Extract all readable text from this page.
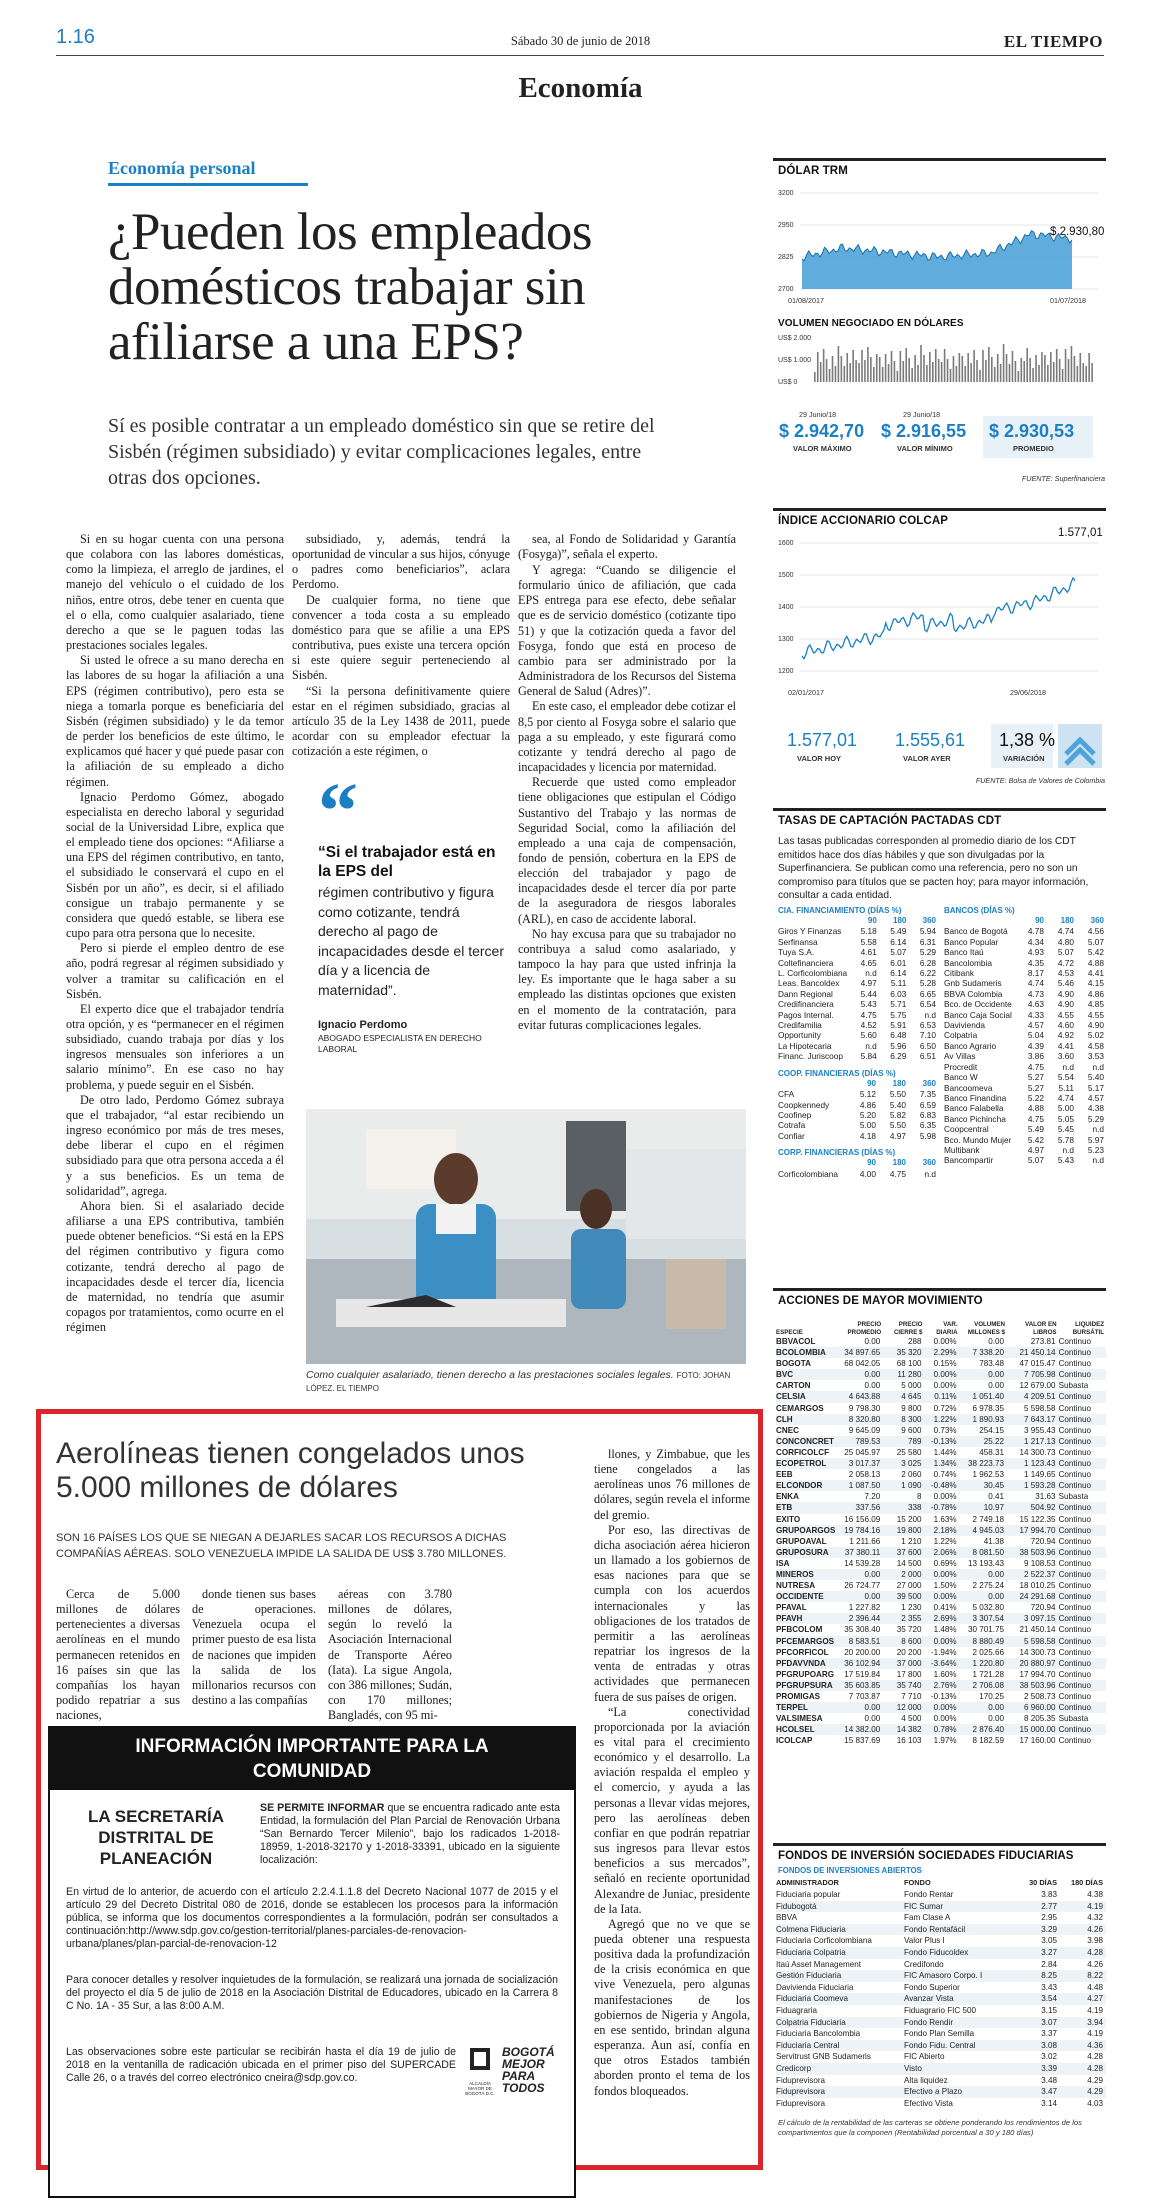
1.16	Sábado 30 de junio de 2018	EL TIEMPO
Economía
Economía personal
¿Pueden los empleados domésticos trabajar sin afiliarse a una EPS?
Sí es posible contratar a un empleado doméstico sin que se retire del Sisbén (régimen subsidiado) y evitar complicaciones legales, entre otras dos opciones.

Si en su hogar cuenta con una persona que colabora con las labores domésticas, como la limpieza, el arreglo de jardines, el manejo del vehículo o el cuidado de los niños, entre otros, debe tener en cuenta que el o ella, como cualquier asalariado, tiene derecho a que se le paguen todas las prestaciones sociales legales.

Si usted le ofrece a su mano derecha en las labores de su hogar la afiliación a una EPS (régimen contributivo), pero esta se niega a tomarla porque es beneficiaria del Sisbén (régimen subsidiado) y le da temor de perder los beneficios de este último, le explicamos qué hacer y qué puede pasar con la afiliación de su empleado a dicho régimen.

Ignacio Perdomo Gómez, abogado especialista en derecho laboral y seguridad social de la Universidad Libre, explica que el empleado tiene dos opciones: “Afiliarse a una EPS del régimen contributivo, en tanto, el subsidiado le conservará el cupo en el Sisbén por un año”, es decir, si el afiliado consigue un trabajo permanente y se considera que quedó estable, se libera ese cupo para otra persona que lo necesite.

Pero si pierde el empleo dentro de ese año, podrá regresar al régimen subsidiado y volver a tramitar su calificación en el Sisbén.

El experto dice que el trabajador tendría otra opción, y es “permanecer en el régimen subsidiado, cuando trabaja por días y los ingresos mensuales son inferiores a un salario mínimo”. En ese caso no hay problema, y puede seguir en el Sisbén.

De otro lado, Perdomo Gómez subraya que el trabajador, “al estar recibiendo un ingreso económico por más de tres meses, debe liberar el cupo en el régimen subsidiado para que otra persona acceda a él y a sus beneficios. Es un tema de solidaridad”, agrega.

Ahora bien. Si el asalariado decide afiliarse a una EPS contributiva, también puede obtener beneficios. “Si está en la EPS del régimen contributivo y figura como cotizante, tendrá derecho al pago de incapacidades desde el tercer día, licencia de maternidad, no tendría que asumir copagos por tratamientos, como ocurre en el régimen

subsidiado, y, además, tendrá la oportunidad de vincular a sus hijos, cónyuge o padres como beneficiarios”, aclara Perdomo.

De cualquier forma, no tiene que convencer a toda costa a su empleado doméstico para que se afilie a una EPS contributiva, pues existe una tercera opción si este quiere seguir perteneciendo al Sisbén.

“Si la persona definitivamente quiere estar en el régimen subsidiado, gracias al artículo 35 de la Ley 1438 de 2011, puede acordar con su empleador efectuar la cotización a este régimen, o

sea, al Fondo de Solidaridad y Garantía (Fosyga)”, señala el experto.

Y agrega: “Cuando se diligencie el formulario único de afiliación, que cada EPS entrega para ese efecto, debe señalar que es de servicio doméstico (cotizante tipo 51) y que la cotización queda a favor del Fosyga, fondo que está en proceso de cambio para ser administrado por la Administradora de los Recursos del Sistema General de Salud (Adres)”.

En este caso, el empleador debe cotizar el 8,5 por ciento al Fosyga sobre el salario que paga a su empleado, y este figurará como cotizante y tendrá derecho al pago de incapacidades y licencia por maternidad.

Recuerde que usted como empleador tiene obligaciones que estipulan el Código Sustantivo del Trabajo y las normas de Seguridad Social, como la afiliación del empleado a una caja de compensación, fondo de pensión, cobertura en la EPS de elección del trabajador y pago de incapacidades desde el tercer día por parte de la aseguradora de riesgos laborales (ARL), en caso de accidente laboral.

No hay excusa para que su trabajador no contribuya a salud como asalariado, y tampoco la hay para que usted infrinja la ley. Es importante que le haga saber a su empleado las distintas opciones que existen en el momento de la contratación, para evitar futuras complicaciones legales.

“
“Si el trabajador está en la EPS del
régimen contributivo y figura como cotizante, tendrá derecho al pago de incapacidades desde el tercer día y a licencia de maternidad”.
Ignacio Perdomo
ABOGADO ESPECIALISTA EN DERECHO LABORAL
Como cualquier asalariado, tienen derecho a las prestaciones sociales legales. FOTO: JOHAN LÓPEZ. EL TIEMPO
Aerolíneas tienen congelados unos 5.000 millones de dólares
SON 16 PAÍSES LOS QUE SE NIEGAN A DEJARLES SACAR LOS RECURSOS A DICHAS COMPAÑÍAS AÉREAS. SOLO VENEZUELA IMPIDE LA SALIDA DE US$ 3.780 MILLONES.
Cerca de 5.000 millones de dólares pertenecientes a diversas aerolíneas en el mundo permanecen retenidos en 16 países sin que las compañías los hayan podido repatriar a sus naciones,
donde tienen sus bases de operaciones. Venezuela ocupa el primer puesto de esa lista de naciones que impiden la salida de los millonarios recursos con destino a las compañías
aéreas con 3.780 millones de dólares, según lo reveló la Asociación Internacional de Transporte Aéreo (Iata). La sigue Angola, con 386 millones; Sudán, con 170 millones; Bangladés, con 95 mi-

llones, y Zimbabue, que les tiene congelados a las aerolíneas unos 76 millones de dólares, según revela el informe del gremio.

Por eso, las directivas de dicha asociación aérea hicieron un llamado a los gobiernos de esas naciones para que se cumpla con los acuerdos internacionales y las obligaciones de los tratados de permitir a las aerolíneas repatriar los ingresos de la venta de entradas y otras actividades que permanecen fuera de sus países de origen.

“La conectividad proporcionada por la aviación es vital para el crecimiento económico y el desarrollo. La aviación respalda el empleo y el comercio, y ayuda a las personas a llevar vidas mejores, pero las aerolíneas deben confiar en que podrán repatriar sus ingresos para llevar estos beneficios a sus mercados”, señaló en reciente oportunidad Alexandre de Juniac, presidente de la Iata.

Agregó que no ve que se pueda obtener una respuesta positiva dada la profundización de la crisis económica en que vive Venezuela, pero algunas manifestaciones de los gobiernos de Nigeria y Angola, en ese sentido, brindan alguna esperanza. Aun así, confía en que otros Estados también aborden pronto el tema de los fondos bloqueados.

INFORMACIÓN IMPORTANTE PARA LA COMUNIDAD
LA SECRETARÍA DISTRITAL DE PLANEACIÓN
SE PERMITE INFORMAR que se encuentra radicado ante esta Entidad, la formulación del Plan Parcial de Renovación Urbana “San Bernardo Tercer Milenio”, bajo los radicados 1-2018-18959, 1-2018-32170 y 1-2018-33391, ubicado en la siguiente localización:
En virtud de lo anterior, de acuerdo con el artículo 2.2.4.1.1.8 del Decreto Nacional 1077 de 2015 y el artículo 29 del Decreto Distrital 080 de 2016, donde se establecen los procesos para la información pública, se informa que los documentos correspondientes a la formulación, podrán ser consultados a continuación:http://www.sdp.gov.co/gestion-territorial/planes-parciales-de-renovacion-urbana/planes/plan-parcial-de-renovacion-12
Para conocer detalles y resolver inquietudes de la formulación, se realizará una jornada de socialización del proyecto el día 5 de julio de 2018 en la Asociación Distrital de Educadores, ubicado en la Carrera 8 C No. 1A - 35 Sur, a las 8:00 A.M.
Las observaciones sobre este particular se recibirán hasta el día 19 de julio de 2018 en la ventanilla de radicación ubicada en el primer piso del SUPERCADE Calle 26, o a través del correo electrónico cneira@sdp.gov.co.	ALCALDÍA MAYOR DE BOGOTÁ D.C.
BOGOTÁ MEJOR PARA TODOS
DÓLAR TRM
3200
2950
2825
2700
$ 2.930,80
01/08/2017	01/07/2018
VOLUMEN NEGOCIADO EN DÓLARES
US$ 2.000
US$ 1.000
US$ 0
29 Junio/18
$ 2.942,70
VALOR MÁXIMO
29 Junio/18
$ 2.916,55
VALOR MÍNIMO
$ 2.930,53
PROMEDIO
FUENTE: Superfinanciera
ÍNDICE ACCIONARIO COLCAP
1.577,01
1600
1500
1400
1300
1200
02/01/2017	29/06/2018
1.577,01
VALOR HOY
1.555,61
VALOR AYER
1,38 %
VARIACIÓN
FUENTE: Bolsa de Valores de Colombia
TASAS DE CAPTACIÓN PACTADAS CDT
Las tasas publicadas corresponden al promedio diario de los CDT emitidos hace dos días hábiles y que son divulgadas por la Superfinanciera. Se publican como una referencia, pero no son un compromiso para títulos que se pacten hoy; para mayor información, consultar a cada entidad.
CIA. FINANCIAMIENTO (DÍAS %)
	90	180	360
Giros Y Finanzas	5.18	5.49	5.94
Serfinansa	5.58	6.14	6.31
Tuya S.A.	4.61	5.07	5.29
Coltefinanciera	4.65	6.01	6.28
L. Corficolombiana	n.d	6.14	6.22
Leas. Bancoldex	4.97	5.11	5.28
Dann Regional	5.44	6.03	6.65
Credifinanciera	5.43	5.71	6.54
Pagos Internal.	4.75	5.75	n.d
Credifamilia	4.52	5.91	6.53
Opportunity	5.60	6.48	7.10
La Hipotecaria	n.d	5.96	6.50
Financ. Juriscoop	5.84	6.29	6.51
COOP. FINANCIERAS (DÍAS %)
	90	180	360
CFA	5.12	5.50	7.35
Coopkennedy	4.86	5.40	6.59
Coofinep	5.20	5.82	6.83
Cotrafa	5.00	5.50	6.35
Confiar	4.18	4.97	5.98
CORP. FINANCIERAS (DÍAS %)
	90	180	360
Corficolombiana	4.00	4.75	n.d
BANCOS (DÍAS %)
	90	180	360
Banco de Bogotá	4.78	4.74	4.56
Banco Popular	4.34	4.80	5.07
Banco Itaú	4.93	5.07	5.42
Bancolombia	4.35	4.72	4.88
Citibank	8.17	4.53	4.41
Gnb Sudameris	4.74	5.46	4.15
BBVA Colombia	4.73	4.90	4.86
Bco. de Occidente	4.63	4.90	4.85
Banco Caja Social	4.33	4.55	4.55
Davivienda	4.57	4.60	4.90
Colpatria	5.04	4.92	5.02
Banco Agrario	4.39	4.41	4.58
Av Villas	3.86	3.60	3.53
Procredit	4.75	n.d	n.d
Banco W	5.27	5.54	5.40
Bancoomeva	5.27	5.11	5.17
Banco Finandina	5.22	4.74	4.57
Banco Falabella	4.88	5.00	4.38
Banco Pichincha	4.75	5.05	5.29
Coopcentral	5.49	5.45	n.d
Bco. Mundo Mujer	5.42	5.78	5.97
Multibank	4.97	n.d	5.23
Bancompartir	5.07	5.43	n.d
ACCIONES DE MAYOR MOVIMIENTO
ESPECIE	PRECIO PROMEDIO	PRECIO CIERRE $	VAR. DIARIA	VOLUMEN MILLONES $	VALOR EN LIBROS	LIQUIDEZ BURSÁTIL
BBVACOL	0.00	288	0.00%	0.00	273.81	Continuo
BCOLOMBIA	34 897.65	35 320	2.29%	7 338.20	21 450.14	Continuo
BOGOTA	68 042.05	68 100	0.15%	783.48	47 015.47	Continuo
BVC	0.00	11 280	0.00%	0.00	7 705.98	Continuo
CARTON	0.00	5 000	0.00%	0.00	12 679.00	Subasta
CELSIA	4 643.88	4 645	0.11%	1 051.40	4 209.51	Continuo
CEMARGOS	9 798.30	9 800	0.72%	6 978.35	5 598.58	Continuo
CLH	8 320.80	8 300	1.22%	1 890.93	7 643.17	Continuo
CNEC	9 645.09	9 600	0.73%	254.15	3 955.43	Continuo
CONCONCRET	789.53	789	-0.13%	25.22	1 217.13	Continuo
CORFICOLCF	25 045.97	25 580	1.44%	458.31	14 300.73	Continuo
ECOPETROL	3 017.37	3 025	1.34%	38 223.73	1 123.43	Continuo
EEB	2 058.13	2 060	0.74%	1 962.53	1 149.65	Continuo
ELCONDOR	1 087.50	1 090	-0.48%	30.45	1 593.28	Continuo
ENKA	7.20	8	0.00%	0.41	31.63	Subasta
ETB	337.56	338	-0.78%	10.97	504.92	Continuo
EXITO	16 156.09	15 200	1.63%	2 749.18	15 122.35	Continuo
GRUPOARGOS	19 784.16	19 800	2.18%	4 945.03	17 994.70	Continuo
GRUPOAVAL	1 211.66	1 210	1.22%	41.38	720.94	Continuo
GRUPOSURA	37 380.11	37 600	2.06%	8 081.50	38 503.96	Continuo
ISA	14 539.28	14 500	0.69%	13 193.43	9 108.53	Continuo
MINEROS	0.00	2 000	0.00%	0.00	2 522.37	Continuo
NUTRESA	26 724.77	27 000	1.50%	2 275.24	18 010.25	Continuo
OCCIDENTE	0.00	39 500	0.00%	0.00	24 291.68	Continuo
PFAVAL	1 227.82	1 230	0.41%	5 032.80	720.94	Continuo
PFAVH	2 396.44	2 355	2.69%	3 307.54	3 097.15	Continuo
PFBCOLOM	35 308.40	35 720	1.48%	30 701.75	21 450.14	Continuo
PFCEMARGOS	8 583.51	8 600	0.00%	8 880.49	5 598.58	Continuo
PFCORFICOL	20 200.00	20 200	-1.94%	2 025.66	14 300.73	Continuo
PFDAVVNDA	36 102.94	37 000	-3.64%	1 220.80	20 880.97	Continuo
PFGRUPOARG	17 519.84	17 800	1.60%	1 721.28	17 994.70	Continuo
PFGRUPSURA	35 603.85	35 740	2.76%	2 706.08	38 503.96	Continuo
PROMIGAS	7 703.87	7 710	-0.13%	170.25	2 508.73	Continuo
TERPEL	0.00	12 000	0.00%	0.00	6 960.00	Continuo
VALSIMESA	0.00	4 500	0.00%	0.00	8 205.35	Subasta
HCOLSEL	14 382.00	14 382	0.78%	2 876.40	15 000.00	Continuo
ICOLCAP	15 837.69	16 103	1.97%	8 182.59	17 160.00	Continuo
FONDOS DE INVERSIÓN SOCIEDADES FIDUCIARIAS
FONDOS DE INVERSIONES ABIERTOS
ADMINISTRADOR	FONDO	30 DÍAS	180 DÍAS
Fiduciaria popular	Fondo Rentar	3.83	4.38
Fidubogotá	FIC Sumar	2.77	4.19
BBVA	Fam Clase A	2.95	4.32
Colmena Fiduciaria	Fondo Rentafácil	3.29	4.26
Fiduciaria Corficolombiana	Valor Plus I	3.05	3.98
Fiduciaria Colpatria	Fondo Fiducoldex	3.27	4.28
Itaú Asset Management	Credifondo	2.84	4.26
Gestión Fiduciaria	FIC Amasoro Corpo. I	8.25	8.22
Davivienda Fiduciaria	Fondo Superior	3.43	4.48
Fiduciaria Coomeva	Avanzar Vista	3.54	4.27
Fiduagraria	Fiduagrario FIC 500	3.15	4.19
Colpatria Fiduciaria	Fondo Rendir	3.07	3.94
Fiduciaria Bancolombia	Fondo Plan Semilla	3.37	4.19
Fiduciaria Central	Fondo Fidu. Central	3.08	4.36
Servitrust GNB Sudameris	FIC Abierto	3.02	4.28
Credicorp	Visto	3.39	4.28
Fiduprevisora	Alta liquidez	3.48	4.29
Fiduprevisora	Efectivo a Plazo	3.47	4.29
Fiduprevisora	Efectivo Vista	3.14	4.03
El cálculo de la rentabilidad de las carteras se obtiene ponderando los rendimientos de los compartimentos que la componen (Rentabilidad porcentual a 30 y 180 días)
